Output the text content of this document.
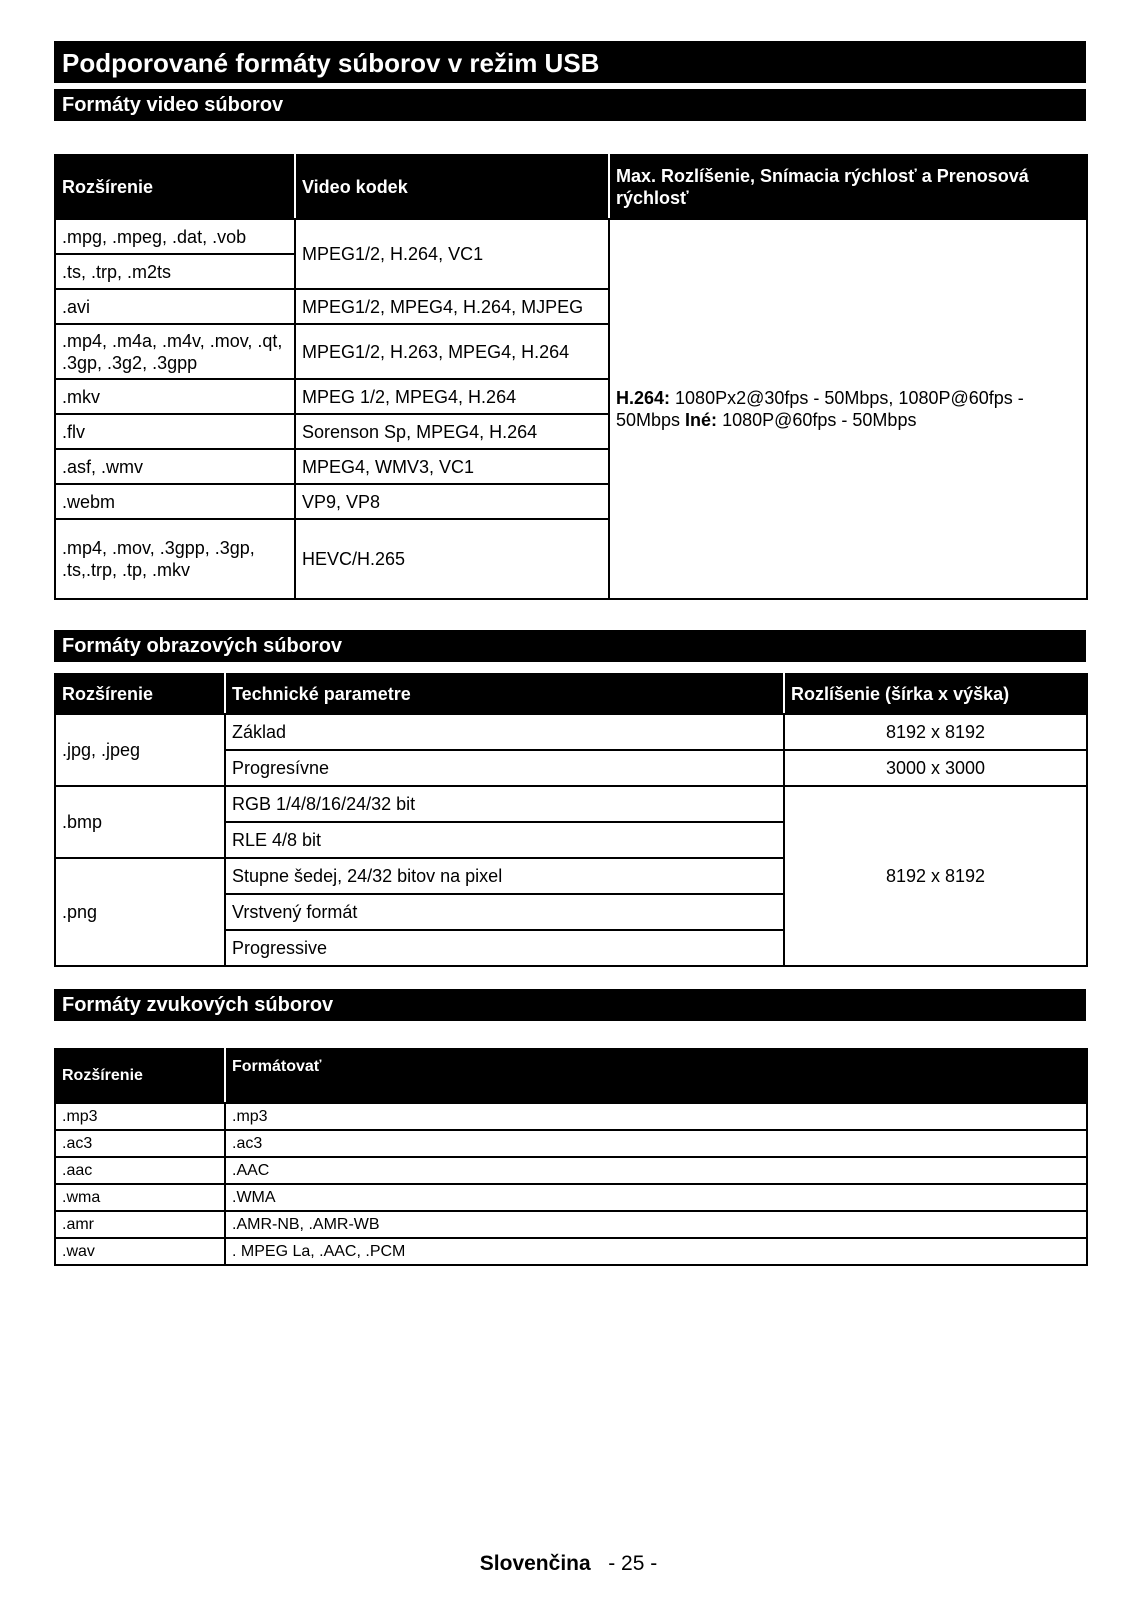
Podporované formáty súborov v režim USB
Formáty video súborov
Rozšírenie	Video kodek	Max. Rozlíšenie, Snímacia rýchlosť a Prenosová rýchlosť
.mpg, .mpeg, .dat, .vob	MPEG1/2, H.264, VC1	H.264: 1080Px2@30fps - 50Mbps, 1080P@60fps - 50Mbps Iné: 1080P@60fps - 50Mbps
.ts, .trp, .m2ts		
.avi	MPEG1/2, MPEG4, H.264, MJPEG	
.mp4, .m4a, .m4v, .mov, .qt, .3gp, .3g2, .3gpp	MPEG1/2, H.263, MPEG4, H.264	
.mkv	MPEG 1/2, MPEG4, H.264	
.flv	Sorenson Sp, MPEG4, H.264	
.asf, .wmv	MPEG4, WMV3, VC1	
.webm	VP9, VP8	
.mp4, .mov, .3gpp, .3gp, .ts,.trp, .tp, .mkv	HEVC/H.265	
Formáty obrazových súborov
Rozšírenie	Technické parametre	Rozlíšenie (šírka x výška)
.jpg, .jpeg	Základ	8192 x 8192
	Progresívne	3000 x 3000
.bmp	RGB 1/4/8/16/24/32 bit	8192 x 8192
	RLE 4/8 bit	
.png	Stupne šedej, 24/32 bitov na pixel	
	Vrstvený formát	
	Progressive	
Formáty zvukových súborov
Rozšírenie	Formátovať
.mp3	.mp3
.ac3	.ac3
.aac	.AAC
.wma	.WMA
.amr	.AMR-NB, .AMR-WB
.wav	. MPEG La, .AAC, .PCM
Slovenčina - 25 -
